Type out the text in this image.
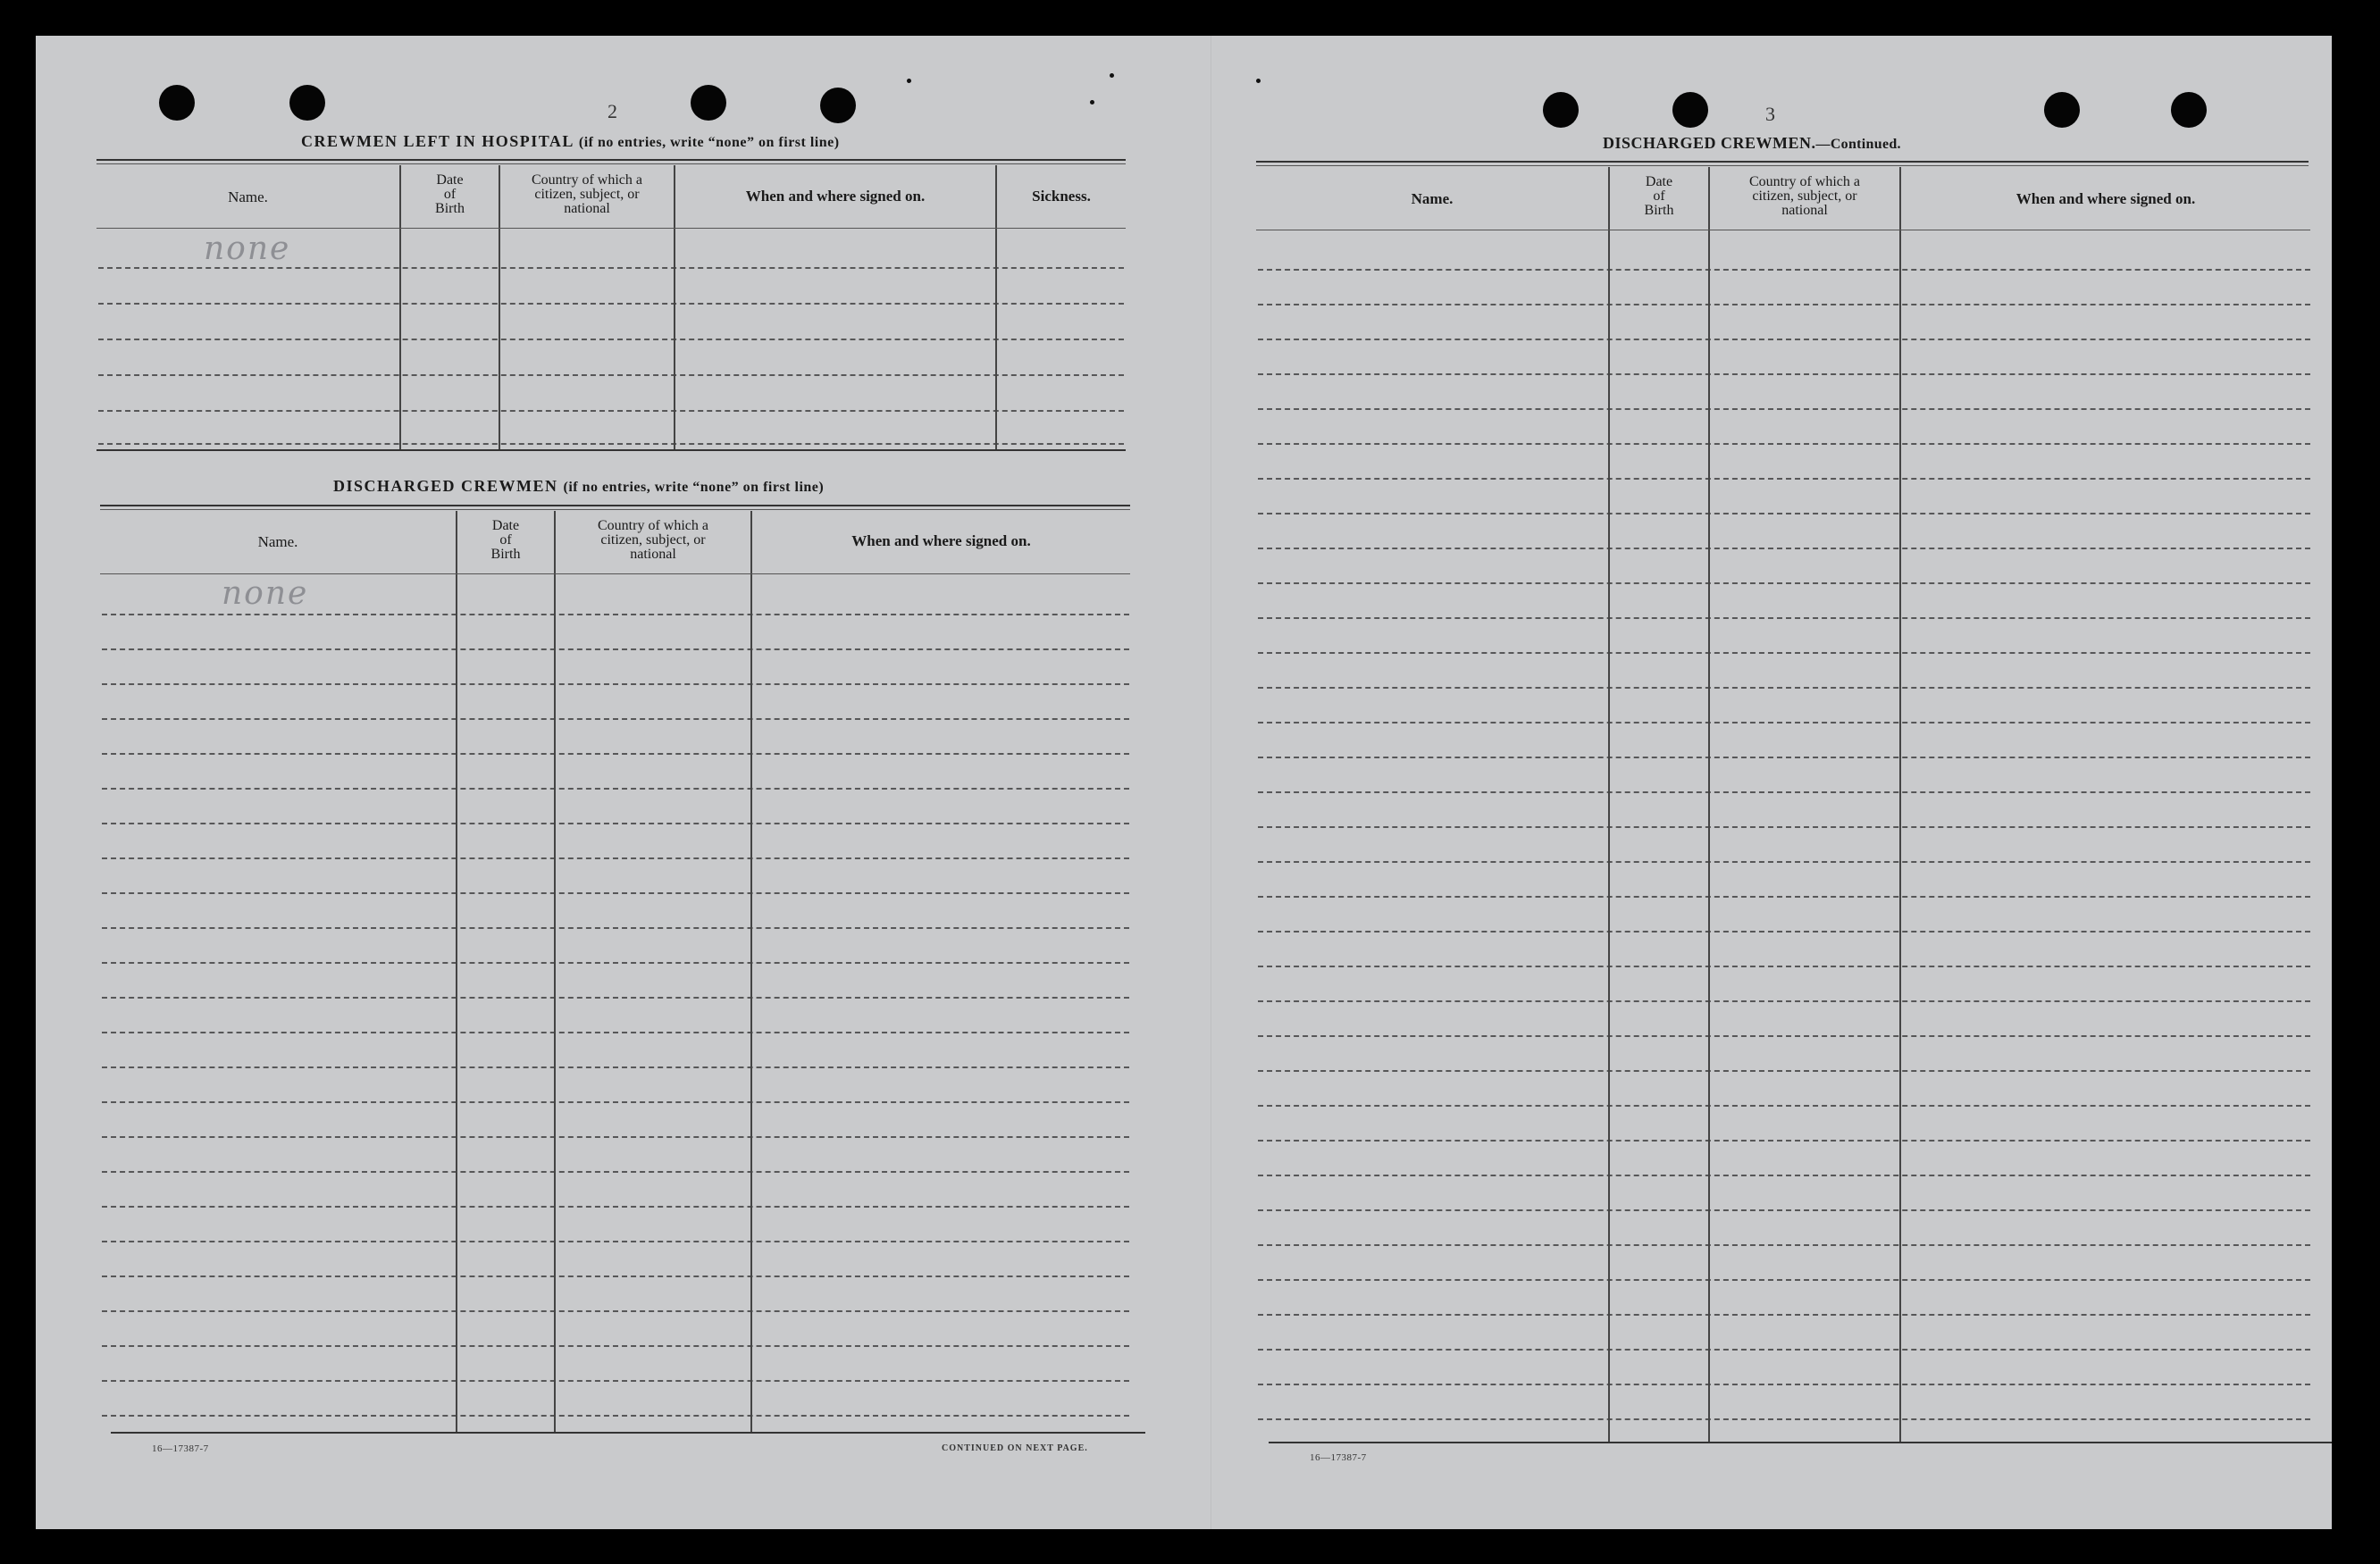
2
CREWMEN LEFT IN HOSPITAL (if no entries, write “none” on first line)
Name.
Date
of
Birth
Country of which a
citizen, subject, or
national
When and where signed on.	Sickness.
none
DISCHARGED CREWMEN (if no entries, write “none” on first line)
Name.
Date
of
Birth
Country of which a
citizen, subject, or
national
When and where signed on.
none
16—17387-7	CONTINUED ON NEXT PAGE.
3
DISCHARGED CREWMEN.—Continued.
Name.
Date
of
Birth
Country of which a
citizen, subject, or
national
When and where signed on.
16—17387-7
